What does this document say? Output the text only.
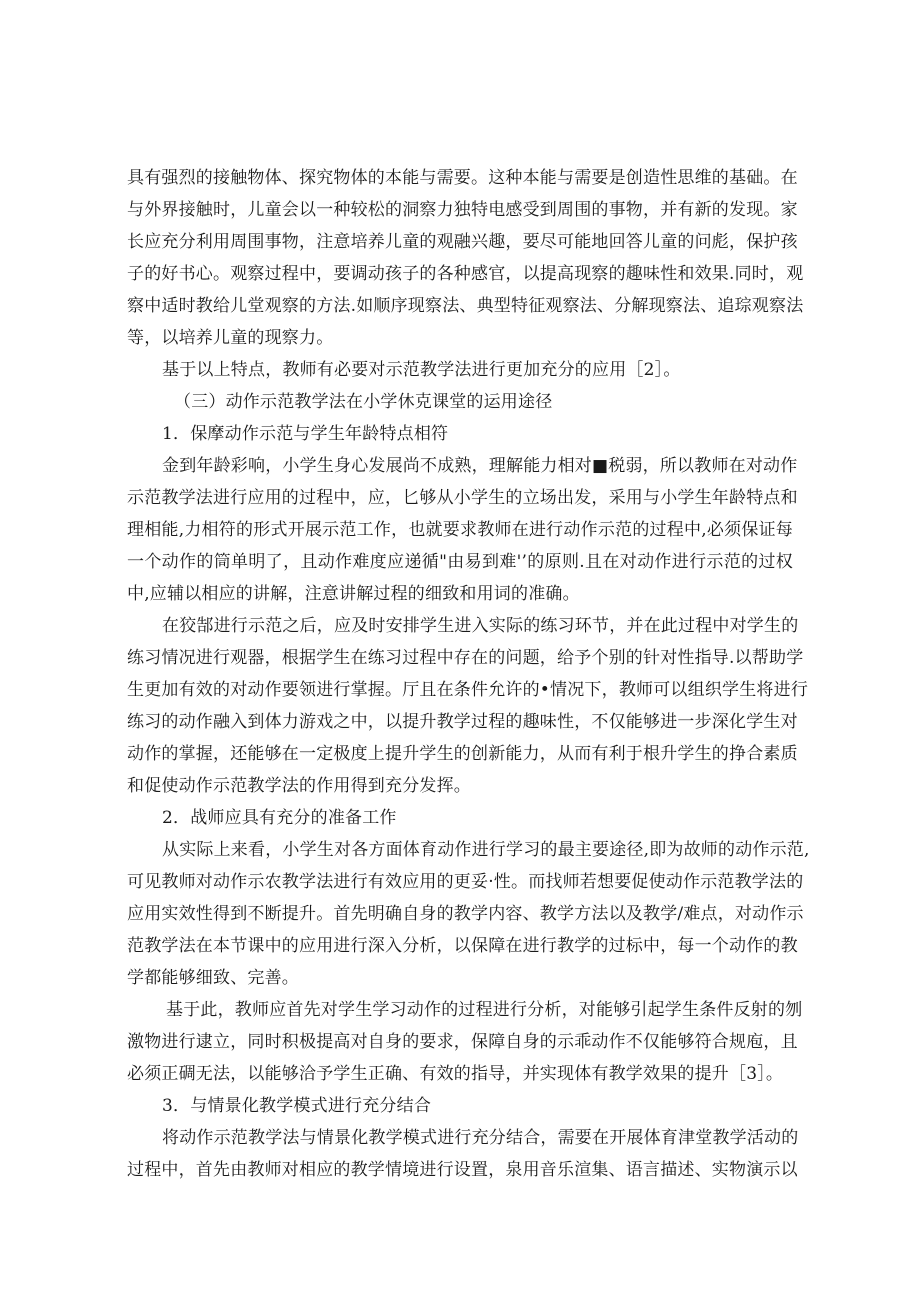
具有强烈的接触物体、探究物体的本能与需要。这种本能与需要是创造性思维的基础。在

与外界接触时，儿童会以一种较松的洞察力独特电感受到周围的事物，并有新的发现。家

长应充分利用周围事物，注意培养儿童的观融兴趣，要尽可能地回答儿童的问彪，保护孩

子的好书心。观察过程中，要调动孩子的各种感官，以提高现察的趣味性和效果.同时，观

察中适时教给儿堂观察的方法.如顺序现察法、典型特征观察法、分解现察法、追琮观察法

等，以培养儿童的现察力。

基于以上特点，教师有必要对示范教学法进行更加充分的应用［2］。

（三）动作示范教学法在小学休克课堂的运用途径

1．保摩动作示范与学生年龄特点相符

金到年龄彩响，小学生身心发展尚不成熟，理解能力相对■税弱，所以教师在对动作

示范教学法进行应用的过程中，应，匕够从小学生的立场出发，采用与小学生年龄特点和

理相能,力相符的形式开展示范工作，也就要求教师在进行动作示范的过程中,必须保证每

一个动作的筒单明了，且动作难度应递循"由易到难'’的原则.且在对动作进行示范的过权

中,应辅以相应的讲解，注意讲解过程的细致和用词的准确。

在狡郜进行示范之后，应及时安排学生进入实际的练习环节，并在此过程中对学生的

练习情况进行观器，根据学生在练习过程中存在的问题，给予个别的针对性指导.以帮助学

生更加有效的对动作要领进行掌握。厅且在条件允许的•情况下，教师可以组织学生将进行

练习的动作融入到体力游戏之中，以提升教学过程的趣味性，不仅能够进一步深化学生对

动作的掌握，还能够在一定极度上提升学生的创新能力，从而有利于根升学生的挣合素质

和促使动作示范教学法的作用得到充分发挥。

2．战师应具有充分的准备工作

从实际上来看，小学生对各方面体育动作进行学习的最主要途径,即为故师的动作示范,

可见教师对动作示农教学法进行有效应用的更妥·性。而找师若想要促使动作示范教学法的

应用实效性得到不断提升。首先明确自身的教学内容、教学方法以及教学/难点，对动作示

范教学法在本节课中的应用进行深入分析，以保障在进行教学的过标中，每一个动作的教

学都能够细致、完善。

基于此，教师应首先对学生学习动作的过程进行分析，对能够引起学生条件反射的刎

激物进行逮立，同时积极提高对自身的要求，保障自身的示乖动作不仅能够符合规庖，且

必须正碉无法，以能够洽予学生正确、有效的指导，并实现体有教学效果的提升［3］。

3．与情景化教学模式进行充分结合

将动作示范教学法与情景化教学模式进行充分结合，需要在开展体育津堂教学活动的

过程中，首先由教师对相应的教学情境进行设置，泉用音乐渲集、语言描述、实物演示以
